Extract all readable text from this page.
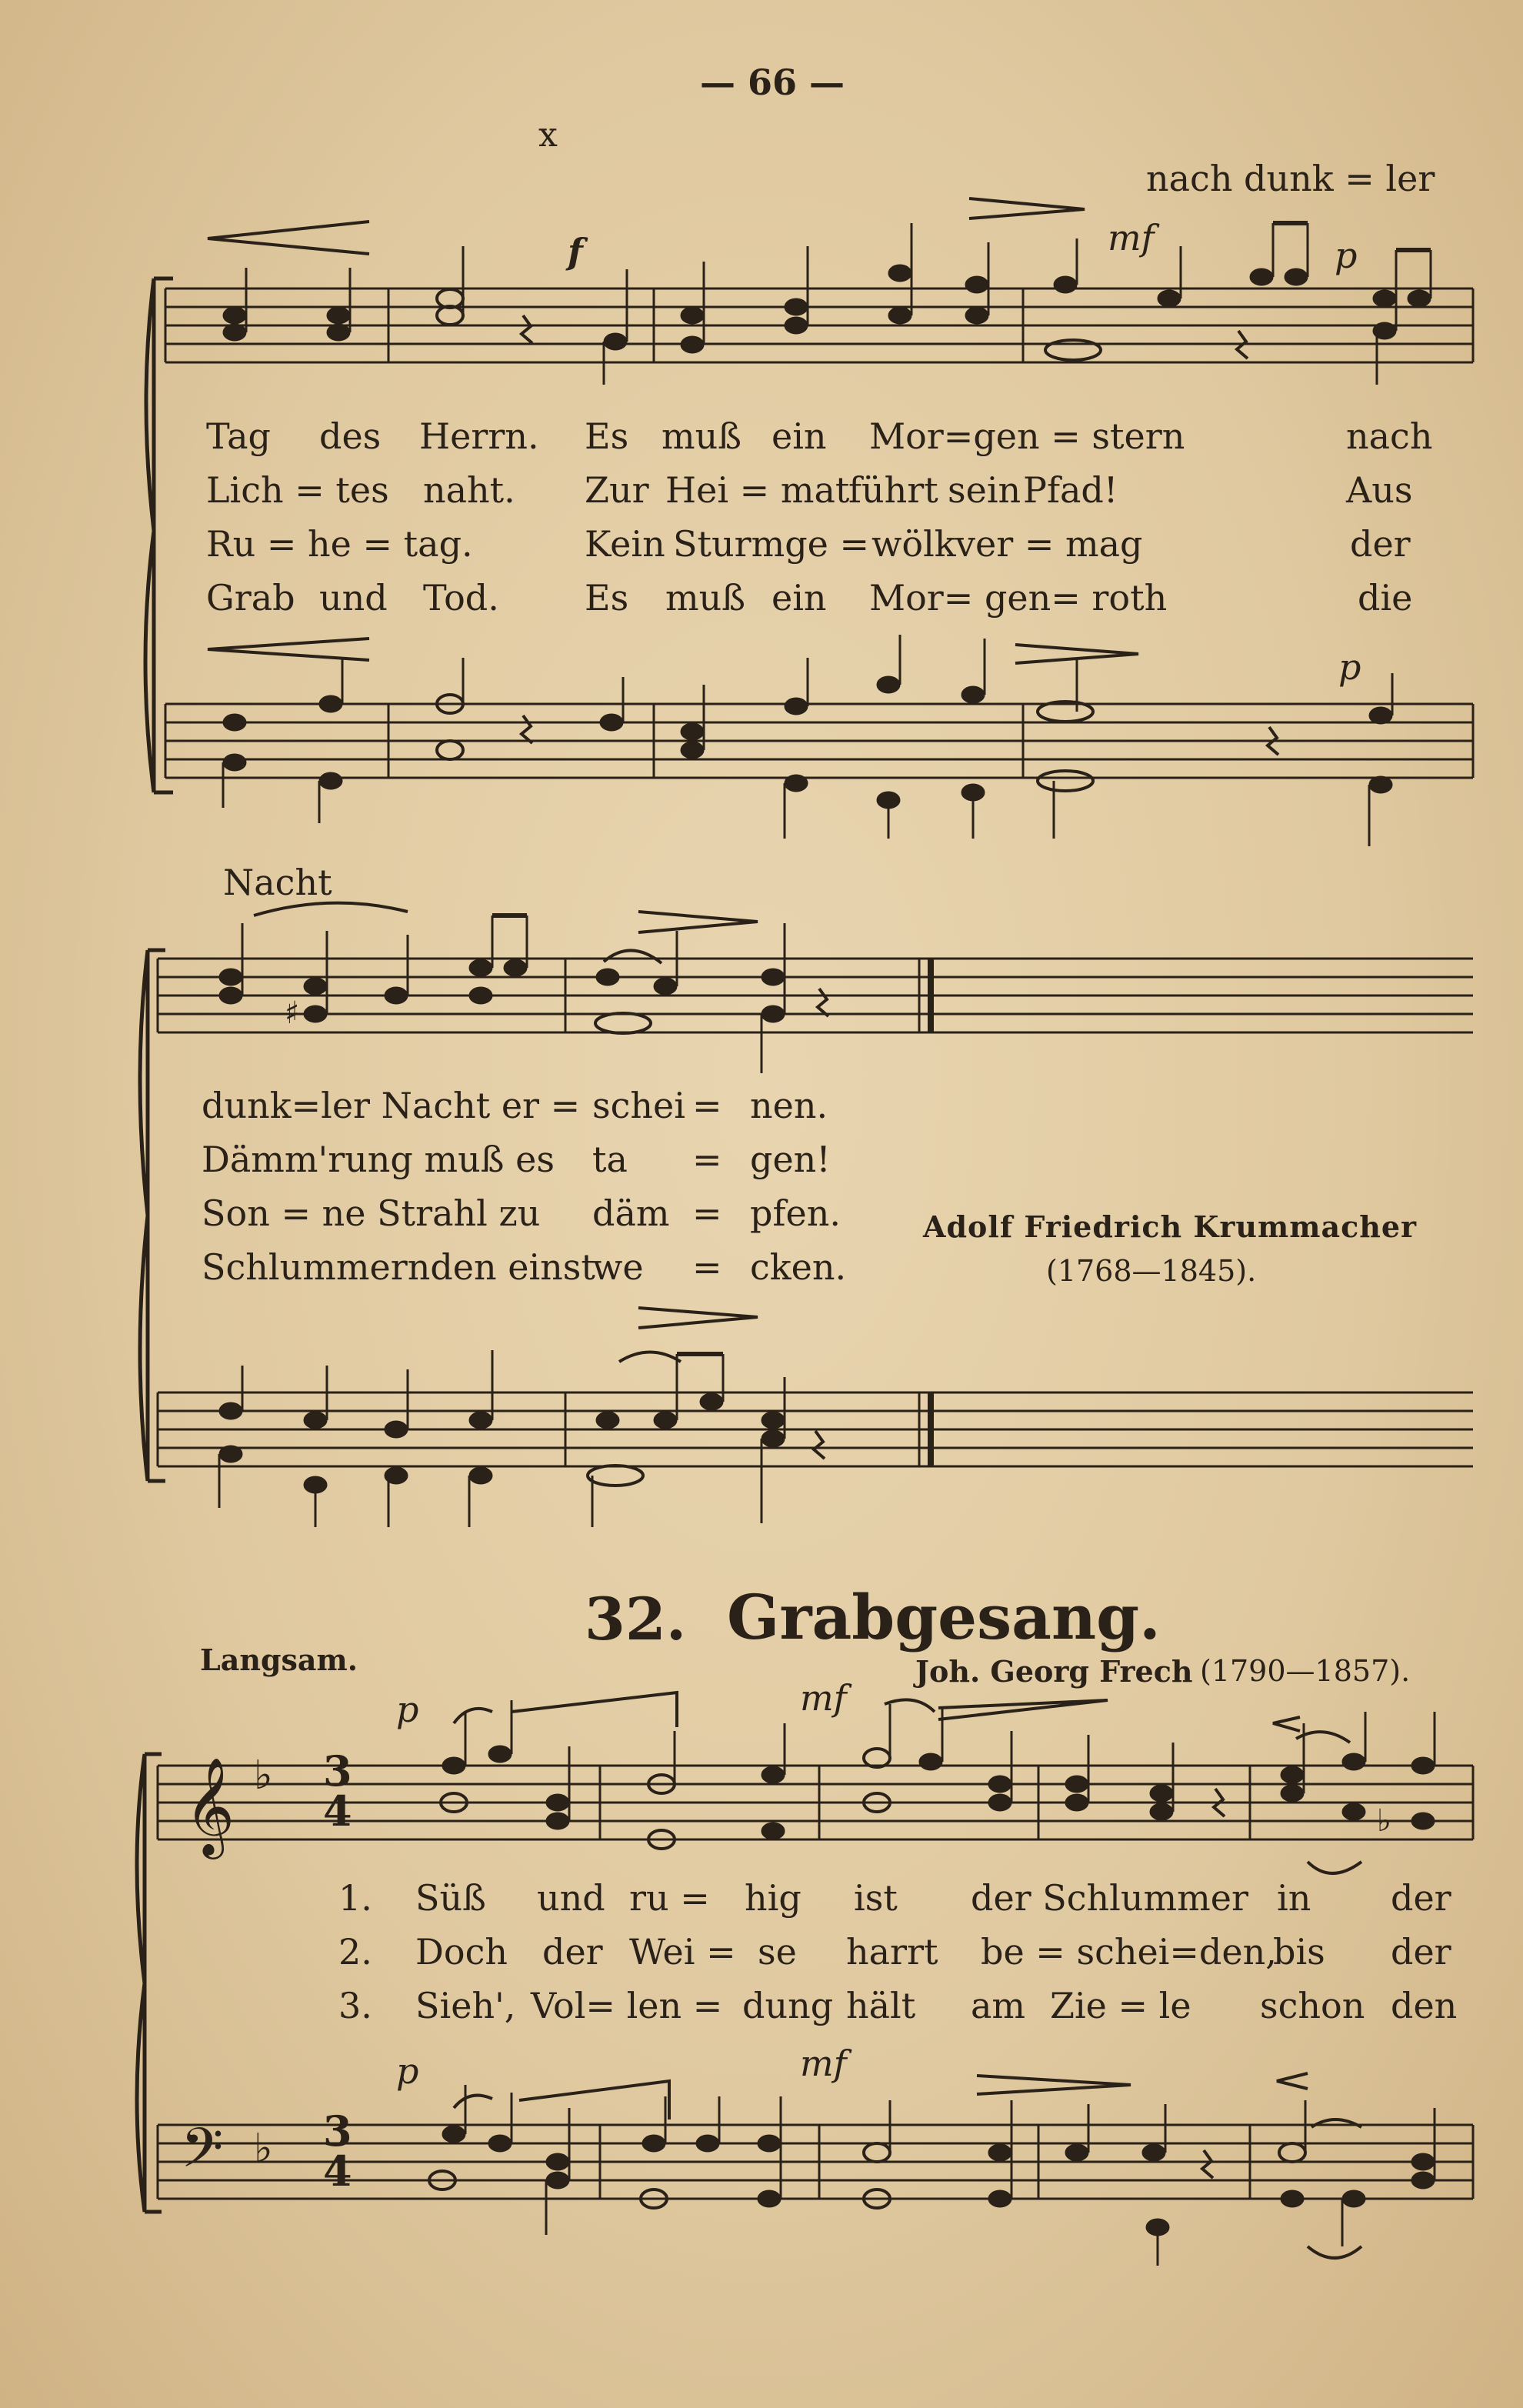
♯
𝄞 ♭
♭
𝄢 ♭
— 66 —
x
nach dunk = ler
f	mf	p
p
Tag des Herrn. Es muß ein Mor=gen = stern	nach
Lich = tes naht. Zur Hei = mat
führt sein Pfad!	Aus
Ru = he = tag.	Kein Sturmge = wölk ver = mag	der
Grab und Tod. Es muß ein Mor= gen= roth	die
Nacht
dunk=ler Nacht er = schei = nen.
Dämm'rung muß es ta = gen!
Son = ne Strahl zu däm = pfen.
Schlummernden einst
we = cken.
Adolf Friedrich Krummacher
(1768—1845).
32. Grabgesang.
Langsam.	Joh. Georg Frech (1790—1857).
3
4
3
4
p	mf
p	mf
1. Süß und ru = hig ist der Schlummer in der
2. Doch der Wei = se harrt be = schei=den,
bis der
3. Sieh', Vol= len = dung hält am Zie = le schon den
